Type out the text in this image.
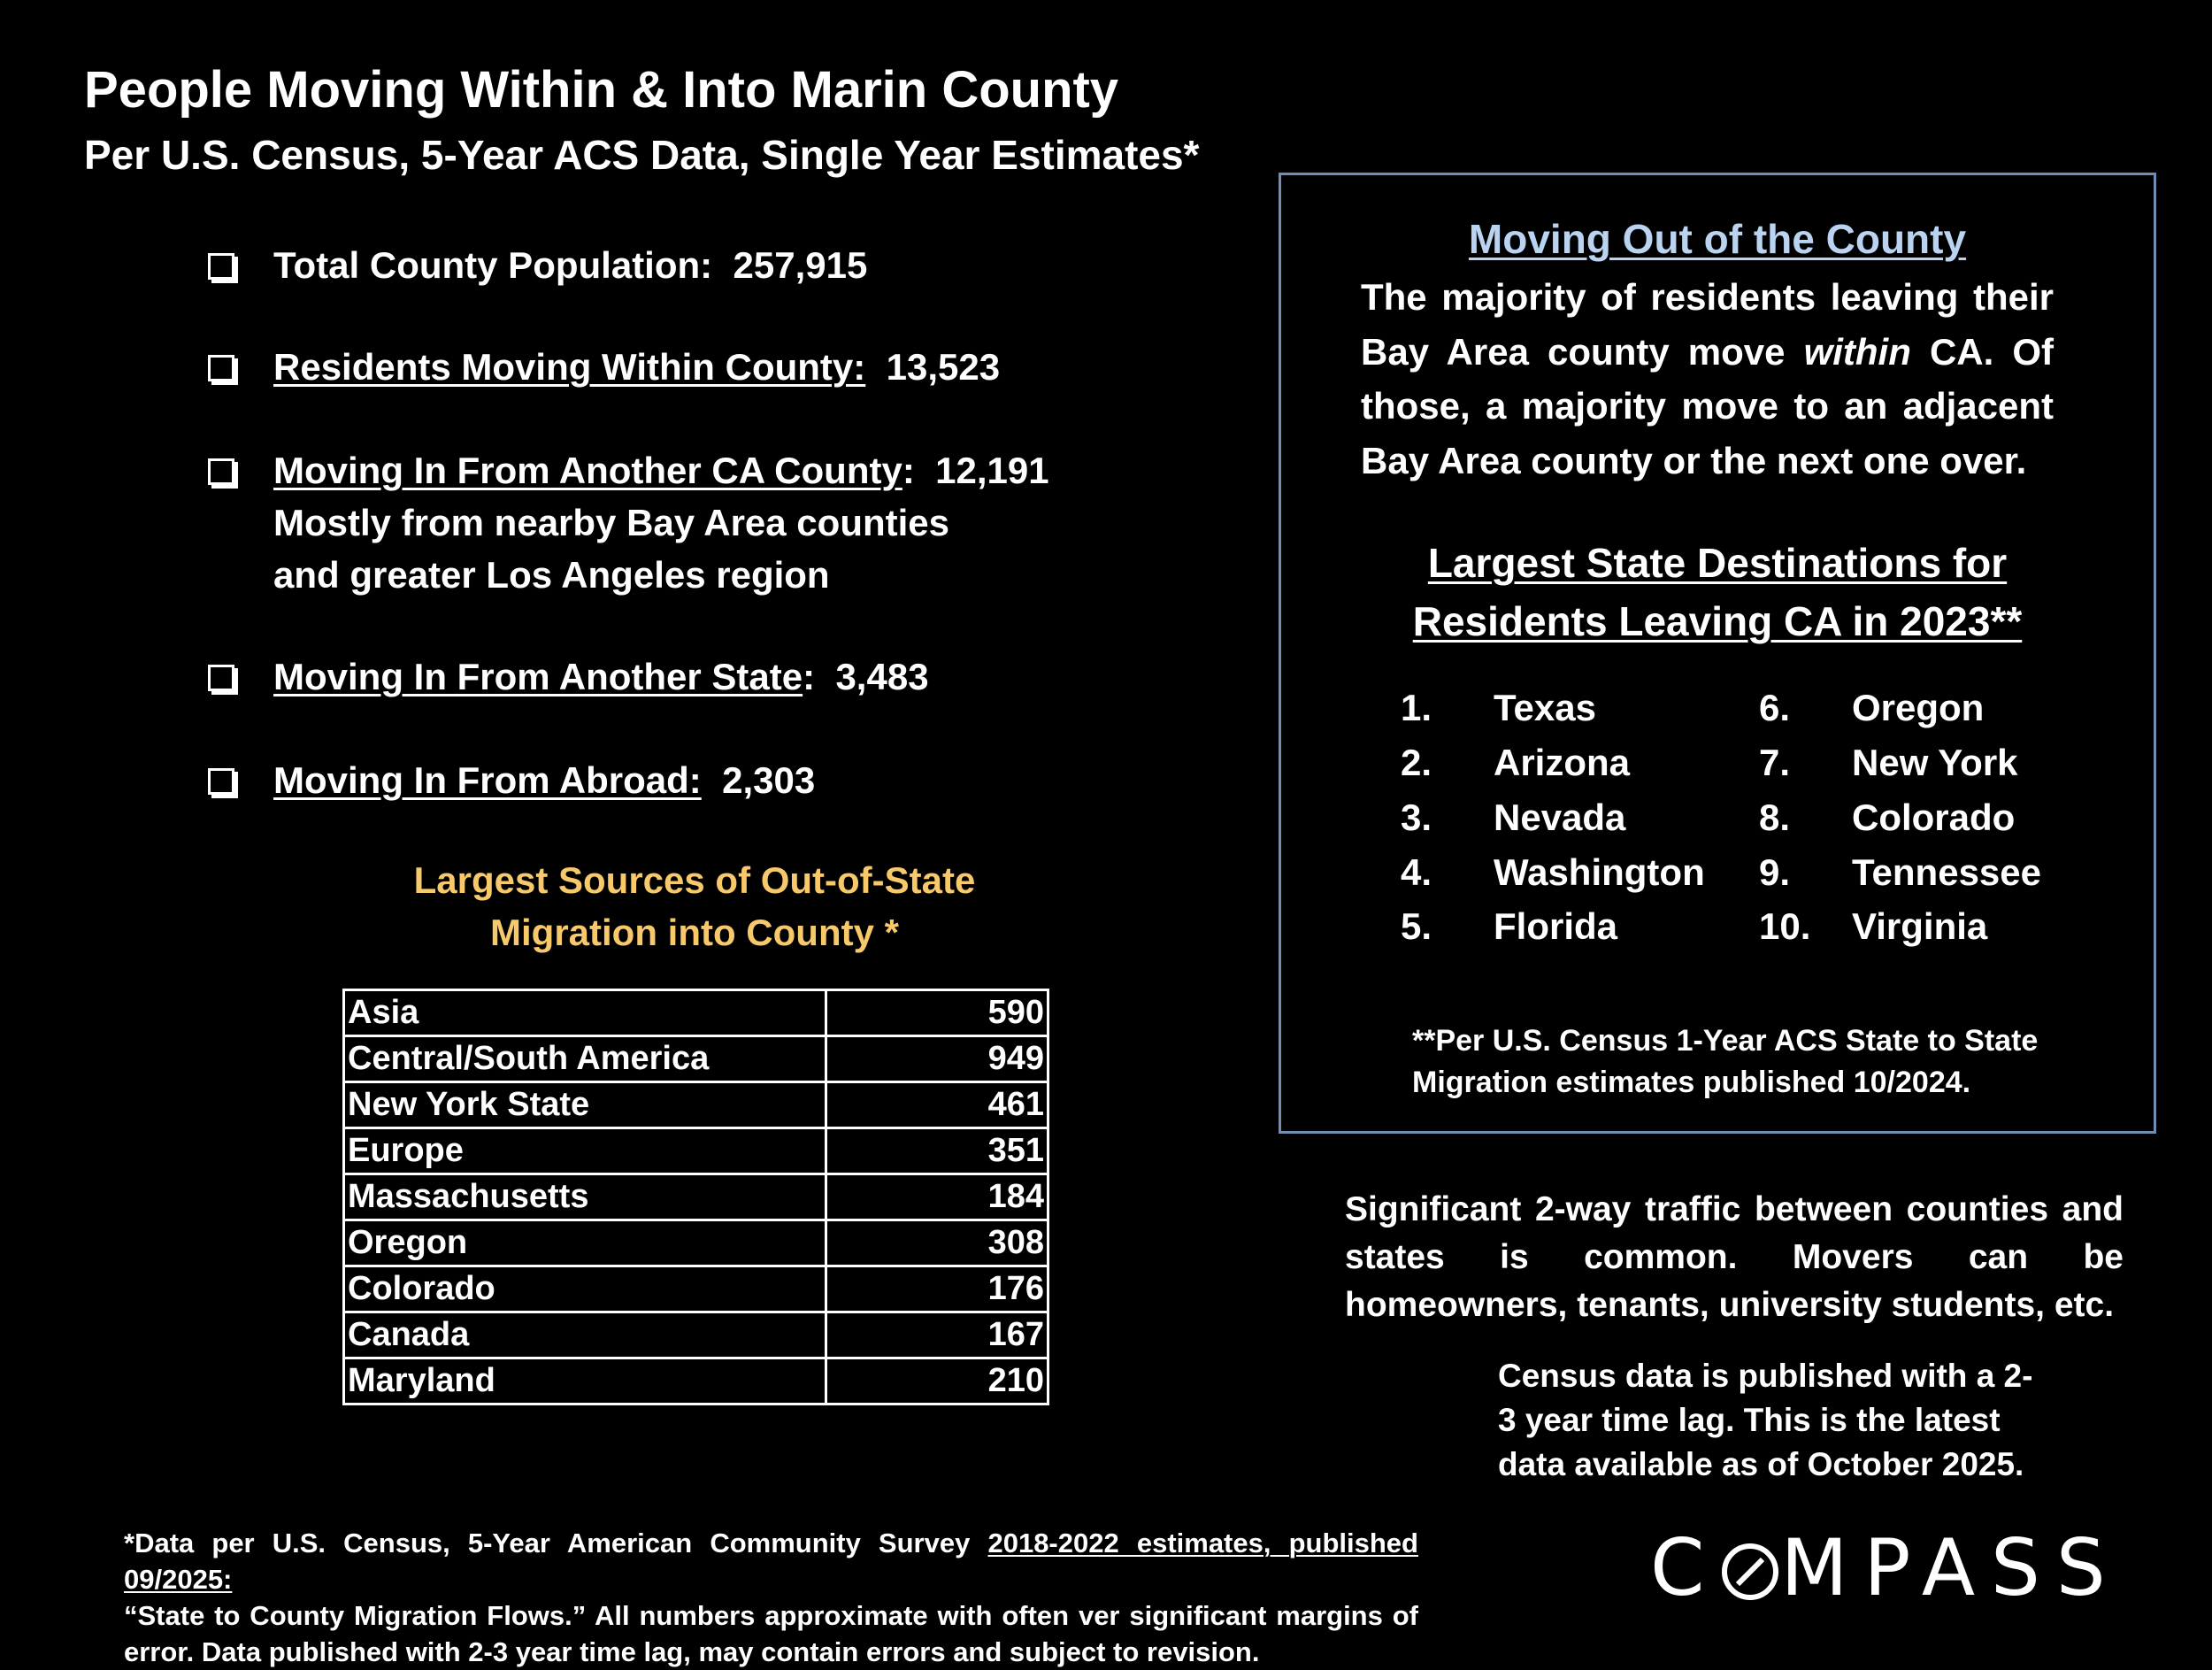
People Moving Within & Into Marin County
Per U.S. Census, 5-Year ACS Data, Single Year Estimates*
Total County Population: 257,915
Residents Moving Within County: 13,523
Moving In From Another CA County:  12,191
Mostly from nearby Bay Area counties
and greater Los Angeles region
Moving In From Another State:  3,483
Moving In From Abroad: 2,303
Largest Sources of Out-of-State
Migration into County *
Asia	590
Central/South America	949
New York State	461
Europe	351
Massachusetts	184
Oregon	308
Colorado	176
Canada	167
Maryland	210
Moving Out of the County
The majority of residents leaving their
Bay Area county move within CA. Of
those, a majority move to an adjacent
Bay Area county or the next one over.
Largest State Destinations for
Residents Leaving CA in 2023**
1. Texas
2. Arizona
3. Nevada
4. Washington
5. Florida
6. Oregon
7. New York
8. Colorado
9. Tennessee
10. Virginia
**Per U.S. Census 1-Year ACS State to State
Migration estimates published 10/2024.
Significant 2-way traffic between counties and
states is common. Movers can be
homeowners, tenants, university students, etc.
Census data is published with a 2-
3 year time lag. This is the latest
data available as of October 2025.
*Data per U.S. Census, 5-Year American Community Survey 2018-2022 estimates, published 09/2025:
“State to County Migration Flows.” All numbers approximate with often ver significant margins of
error. Data published with 2-3 year time lag, may contain errors and subject to revision.
C MPASS
